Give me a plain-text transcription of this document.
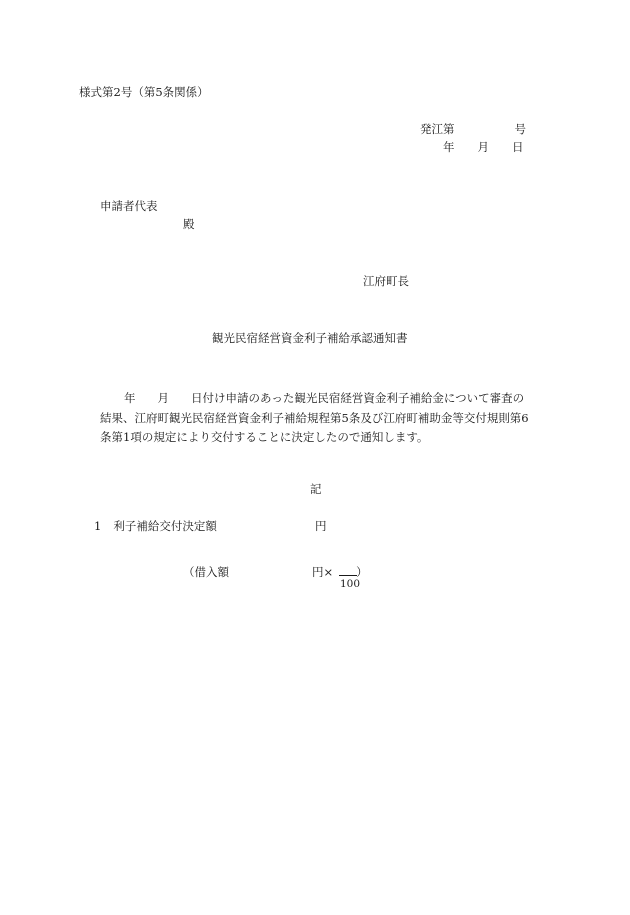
様式第2号（第5条関係）
発江第	号
年 月 日
申請者代表
殿
江府町長
観光民宿経営資金利子補給承認通知書
年 月 日付け申請のあった観光民宿経営資金利子補給金について審査の結果、江府町観光民宿経営資金利子補給規程第5条及び江府町補助金等交付規則第6条第1項の規定により交付することに決定したので通知します。
記
1 利子補給交付決定額	円
（借入額	円× ）
100
